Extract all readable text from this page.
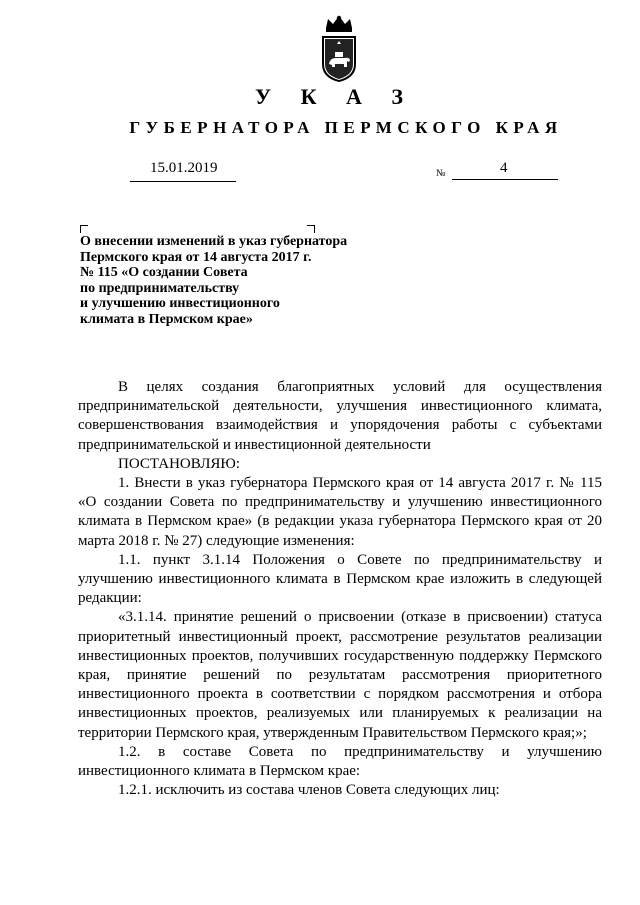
У К А З
ГУБЕРНАТОРА ПЕРМСКОГО КРАЯ
15.01.2019	№	4
О внесении изменений в указ губернатора
Пермского края от 14 августа 2017 г.
№ 115 «О создании Совета
по предпринимательству
и улучшению инвестиционного
климата в Пермском крае»

В целях создания благоприятных условий для осуществления предпринимательской деятельности, улучшения инвестиционного климата, совершенствования взаимодействия и упорядочения работы с субъектами предпринимательской и инвестиционной деятельности

ПОСТАНОВЛЯЮ:

1. Внести в указ губернатора Пермского края от 14 августа 2017 г. № 115 «О создании Совета по предпринимательству и улучшению инвестиционного климата в Пермском крае» (в редакции указа губернатора Пермского края от 20 марта 2018 г. № 27) следующие изменения:

1.1. пункт 3.1.14 Положения о Совете по предпринимательству и улучшению инвестиционного климата в Пермском крае изложить в следующей редакции:

«3.1.14. принятие решений о присвоении (отказе в присвоении) статуса приоритетный инвестиционный проект, рассмотрение результатов реализации инвестиционных проектов, получивших государственную поддержку Пермского края, принятие решений по результатам рассмотрения приоритетного инвестиционного проекта в соответствии с порядком рассмотрения и отбора инвестиционных проектов, реализуемых или планируемых к реализации на территории Пермского края, утвержденным Правительством Пермского края;»;

1.2. в составе Совета по предпринимательству и улучшению инвестиционного климата в Пермском крае:

1.2.1. исключить из состава членов Совета следующих лиц:
